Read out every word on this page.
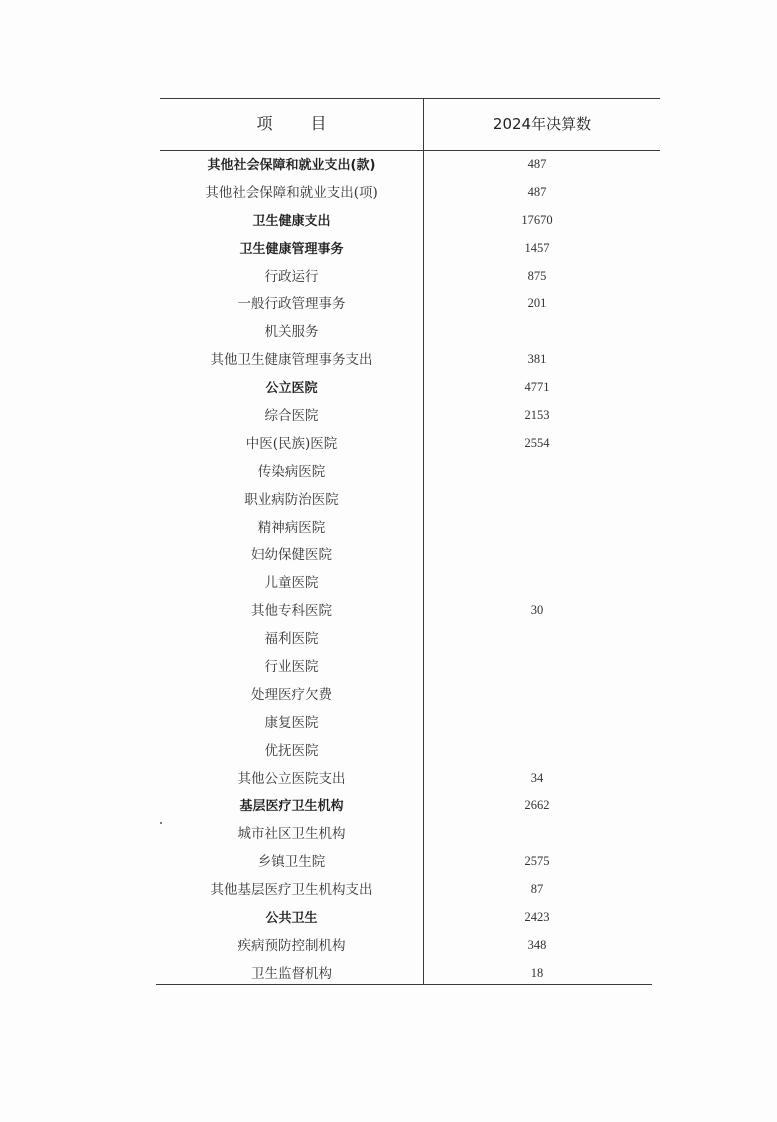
项目	2024年决算数
其他社会保障和就业支出(款)	487
其他社会保障和就业支出(项)	487
卫生健康支出	17670
卫生健康管理事务	1457
行政运行	875
一般行政管理事务	201
机关服务
其他卫生健康管理事务支出	381
公立医院	4771
综合医院	2153
中医(民族)医院	2554
传染病医院
职业病防治医院
精神病医院
妇幼保健医院
儿童医院
其他专科医院	30
福利医院
行业医院
处理医疗欠费
康复医院
优抚医院
其他公立医院支出	34
基层医疗卫生机构	2662
城市社区卫生机构
乡镇卫生院	2575
其他基层医疗卫生机构支出	87
公共卫生	2423
疾病预防控制机构	348
卫生监督机构	18
